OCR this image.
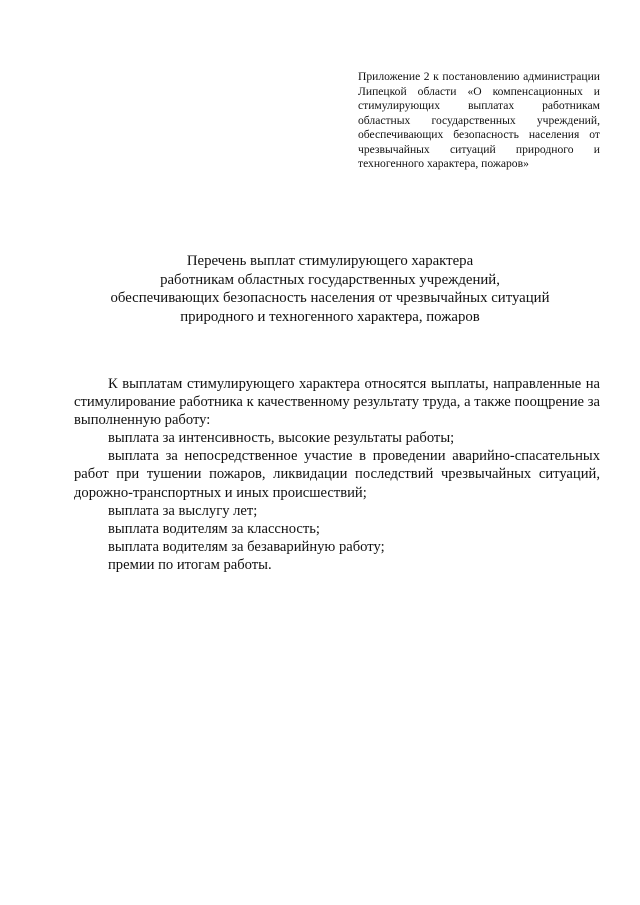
Приложение 2 к постановлению администрации Липецкой области «О компенсационных и стимулирующих выплатах работникам областных государственных учреждений, обеспечивающих безопасность населения от чрезвычайных ситуаций природного и техногенного характера, пожаров»
Перечень выплат стимулирующего характера
работникам областных государственных учреждений,
обеспечивающих безопасность населения от чрезвычайных ситуаций
природного и техногенного характера, пожаров

К выплатам стимулирующего характера относятся выплаты, направленные на стимулирование работника к качественному результату труда, а также поощрение за выполненную работу:

выплата за интенсивность, высокие результаты работы;

выплата за непосредственное участие в проведении аварийно-спасательных работ при тушении пожаров, ликвидации последствий чрезвычайных ситуаций, дорожно-транспортных и иных происшествий;

выплата за выслугу лет;

выплата водителям за классность;

выплата водителям за безаварийную работу;

премии по итогам работы.
